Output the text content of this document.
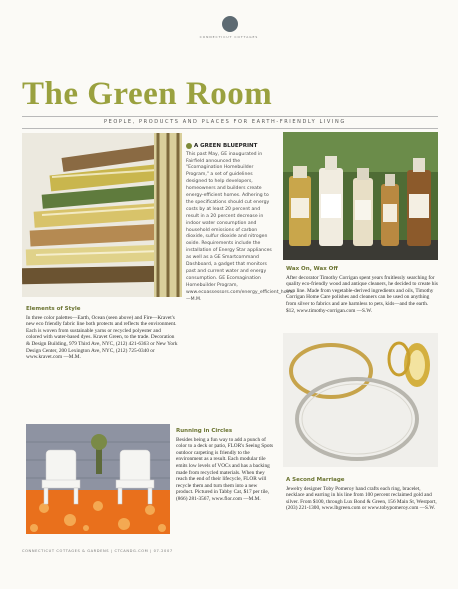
CONNECTICUT COTTAGES
The Green Room
PEOPLE, PRODUCTS AND PLACES FOR EARTH-FRIENDLY LIVING
Elements of Style

In three color palettes—Earth, Ocean (seen above) and Fire—Kravet's new eco friendly fabric line both protects and reflects the environment. Each is woven from sustainable yarns or recycled polyester and colored with water-based dyes. Kravet Green, to the trade. Decoration & Design Building, 979 Third Ave, NYC, (212) 421-6363 or New York Design Center, 200 Lexington Ave, NYC, (212) 725-0340 or www.kravet.com —M.M.

A GREEN BLUEPRINT

This past May, GE inaugurated in Fairfield announced the "Ecomagination Homebuilder Program," a set of guidelines designed to help developers, homeowners and builders create energy-efficient homes. Adhering to the specifications should cut energy costs by at least 20 percent and result in a 20 percent decrease in indoor water consumption and household emissions of carbon dioxide, sulfur dioxide and nitrogen oxide. Requirements include the installation of Energy Star appliances as well as a GE Smartcommand Dashboard, a gadget that monitors past and current water and energy consumption. GE Ecomagination Homebuilder Program, www.ecoassessors.com/energy_efficient_home —M.M.

Wax On, Wax Off

After decorator Timothy Corrigan spent years fruitlessly searching for quality eco-friendly wood and antique cleaners, he decided to create his own line. Made from vegetable-derived ingredients and oils, Timothy Corrigan Home Care polishes and cleaners can be used on anything from silver to fabrics and are harmless to pets, kids—and the earth. $12, www.timothy-corrigan.com —S.W.

Running in Circles

Besides being a fun way to add a punch of color to a deck or patio, FLOR's Seeing Spots outdoor carpeting is friendly to the environment as a result. Each modular tile emits low levels of VOCs and has a backing made from recycled materials. When they reach the end of their lifecycle, FLOR will recycle them and turn them into a new product. Pictured in Tabby Cat, $17 per tile, (866) 281-3567, www.flor.com —M.M.

A Second Marriage

Jewelry designer Toby Pomeroy hand crafts each ring, bracelet, necklace and earring in his line from 100 percent reclaimed gold and silver. From $100, through Lux Bond & Green, 156 Main St, Westport, (203) 221-1300, www.lbgreen.com or www.tobypomeroy.com —S.W.

CONNECTICUT COTTAGES & GARDENS | CTCANDG.COM | 07.2007
